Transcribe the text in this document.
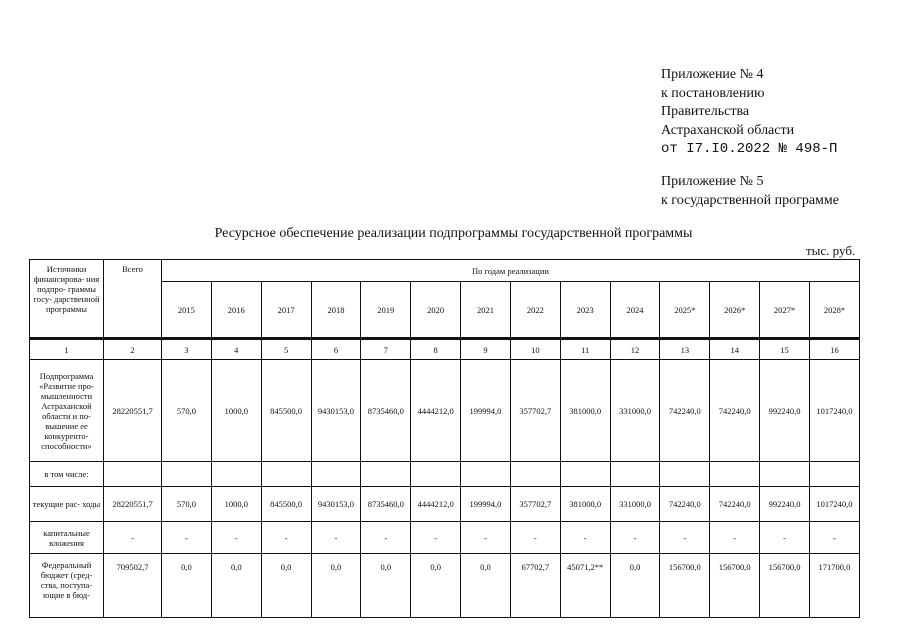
Приложение № 4
к постановлению
Правительства
Астраханской области
от I7.I0.2022 № 498-П
Приложение № 5
к государственной программе
Ресурсное обеспечение реализации подпрограммы государственной программы
тыс. руб.
Источники финансирова- ния подпро- граммы госу- дарственной программы	Всего	По годам реализации													
		2015	2016	2017	2018	2019	2020	2021	2022	2023	2024	2025*	2026*	2027*	2028*

1	2	3	4	5	6	7	8	9	10	11	12	13	14	15	16
Подпрограмма «Развитие про- мышленности Астраханской области и по- вышение ее конкуренто- способности»	28220551,7	570,0	1000,0	845500,0	9430153,0	8735460,0	4444212,0	199994,0	357702,7	381000,0	331000,0	742240,0	742240,0	992240,0	1017240,0
в том числе:															
текущие рас- ходы	28220551,7	570,0	1000,0	845500,0	9430153,0	8735460,0	4444212,0	199994,0	357702,7	381000,0	331000,0	742240,0	742240,0	992240,0	1017240,0
капитальные вложения	-	-	-	-	-	-	-	-	-	-	-	-	-	-	-
Федеральный бюджет (сред- ства, поступа- ющие в бюд-	709502,7	0,0	0,0	0,0	0,0	0,0	0,0	0,0	67702,7	45071,2**	0,0	156700,0	156700,0	156700,0	171700,0
